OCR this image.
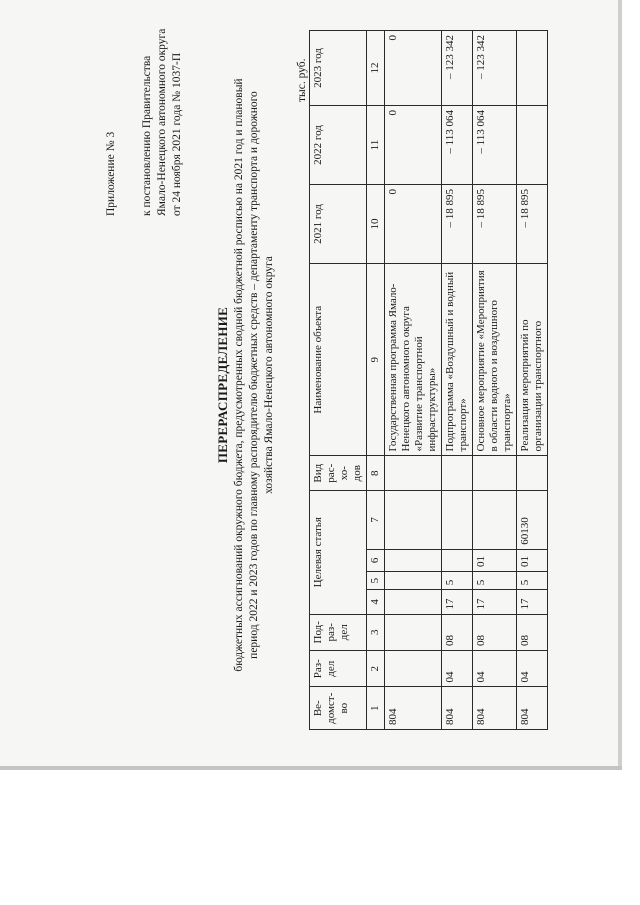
Приложение № 3 к постановлению Правительства Ямало-Ненецкого автономного округа от 24 ноября 2021 года № 1037-П
ПЕРЕРАСПРЕДЕЛЕНИЕ бюджетных ассигнований окружного бюджета, предусмотренных сводной бюджетной росписью на 2021 год и плановый период 2022 и 2023 годов по главному распорядителю бюджетных средств – департаменту транспорта и дорожного хозяйства Ямало-Ненецкого автономного округа
тыс. руб.
Ве-домст-во	Раз-дел	Под-раз-дел	Целевая статья				Вид рас-хо-дов	Наименование объекта	2021 год	2022 год	2023 год
1	2	3	4	5	6	7	8	9	10	11	12
804								Государственная программа Ямало-Ненецкого автономного округа «Развитие транспортной инфраструктуры»	0	0	0
804	04	08	17	5				Подпрограмма «Воздушный и водный транспорт»	– 18 895	– 113 064	– 123 342
804	04	08	17	5	01			Основное мероприятие «Мероприятия в области водного и воздушного транспорта»	– 18 895	– 113 064	– 123 342
804	04	08	17	5	01	60130		Реализация мероприятий по организации транспортного	– 18 895		
